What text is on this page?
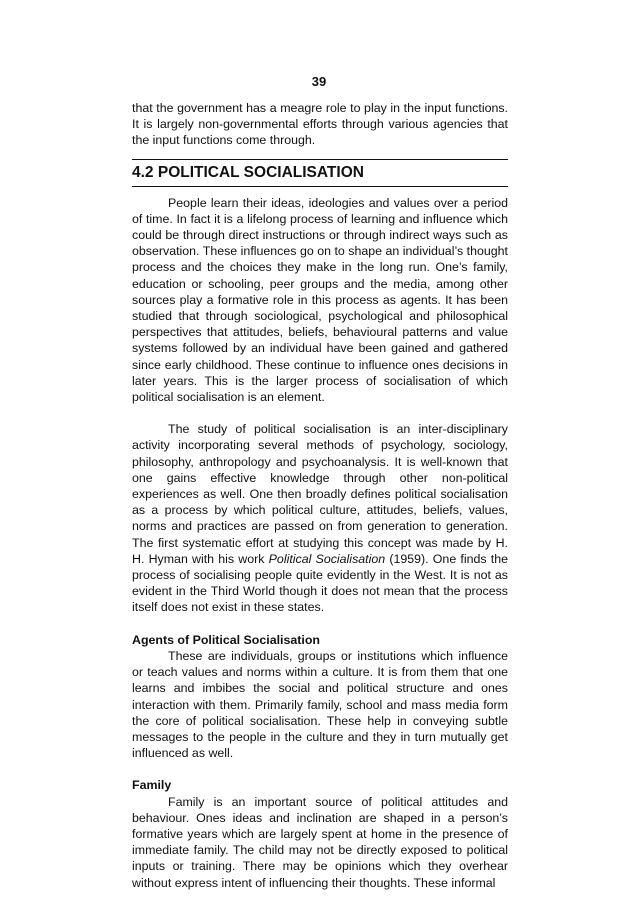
39

that the government has a meagre role to play in the input functions. It is largely non-governmental efforts through various agencies that the input functions come through.

4.2 POLITICAL SOCIALISATION

People learn their ideas, ideologies and values over a period of time. In fact it is a lifelong process of learning and influence which could be through direct instructions or through indirect ways such as observation. These influences go on to shape an individual’s thought process and the choices they make in the long run. One’s family, education or schooling, peer groups and the media, among other sources play a formative role in this process as agents. It has been studied that through sociological, psychological and philosophical perspectives that attitudes, beliefs, behavioural patterns and value systems followed by an individual have been gained and gathered since early childhood. These continue to influence ones decisions in later years. This is the larger process of socialisation of which political socialisation is an element.

The study of political socialisation is an inter-disciplinary activity incorporating several methods of psychology, sociology, philosophy, anthropology and psychoanalysis. It is well-known that one gains effective knowledge through other non-political experiences as well. One then broadly defines political socialisation as a process by which political culture, attitudes, beliefs, values, norms and practices are passed on from generation to generation. The first systematic effort at studying this concept was made by H. H. Hyman with his work Political Socialisation (1959). One finds the process of socialising people quite evidently in the West. It is not as evident in the Third World though it does not mean that the process itself does not exist in these states.

Agents of Political Socialisation

These are individuals, groups or institutions which influence or teach values and norms within a culture. It is from them that one learns and imbibes the social and political structure and ones interaction with them. Primarily family, school and mass media form the core of political socialisation. These help in conveying subtle messages to the people in the culture and they in turn mutually get influenced as well.

Family

Family is an important source of political attitudes and behaviour. Ones ideas and inclination are shaped in a person’s formative years which are largely spent at home in the presence of immediate family. The child may not be directly exposed to political inputs or training. There may be opinions which they overhear without express intent of influencing their thoughts. These informal
